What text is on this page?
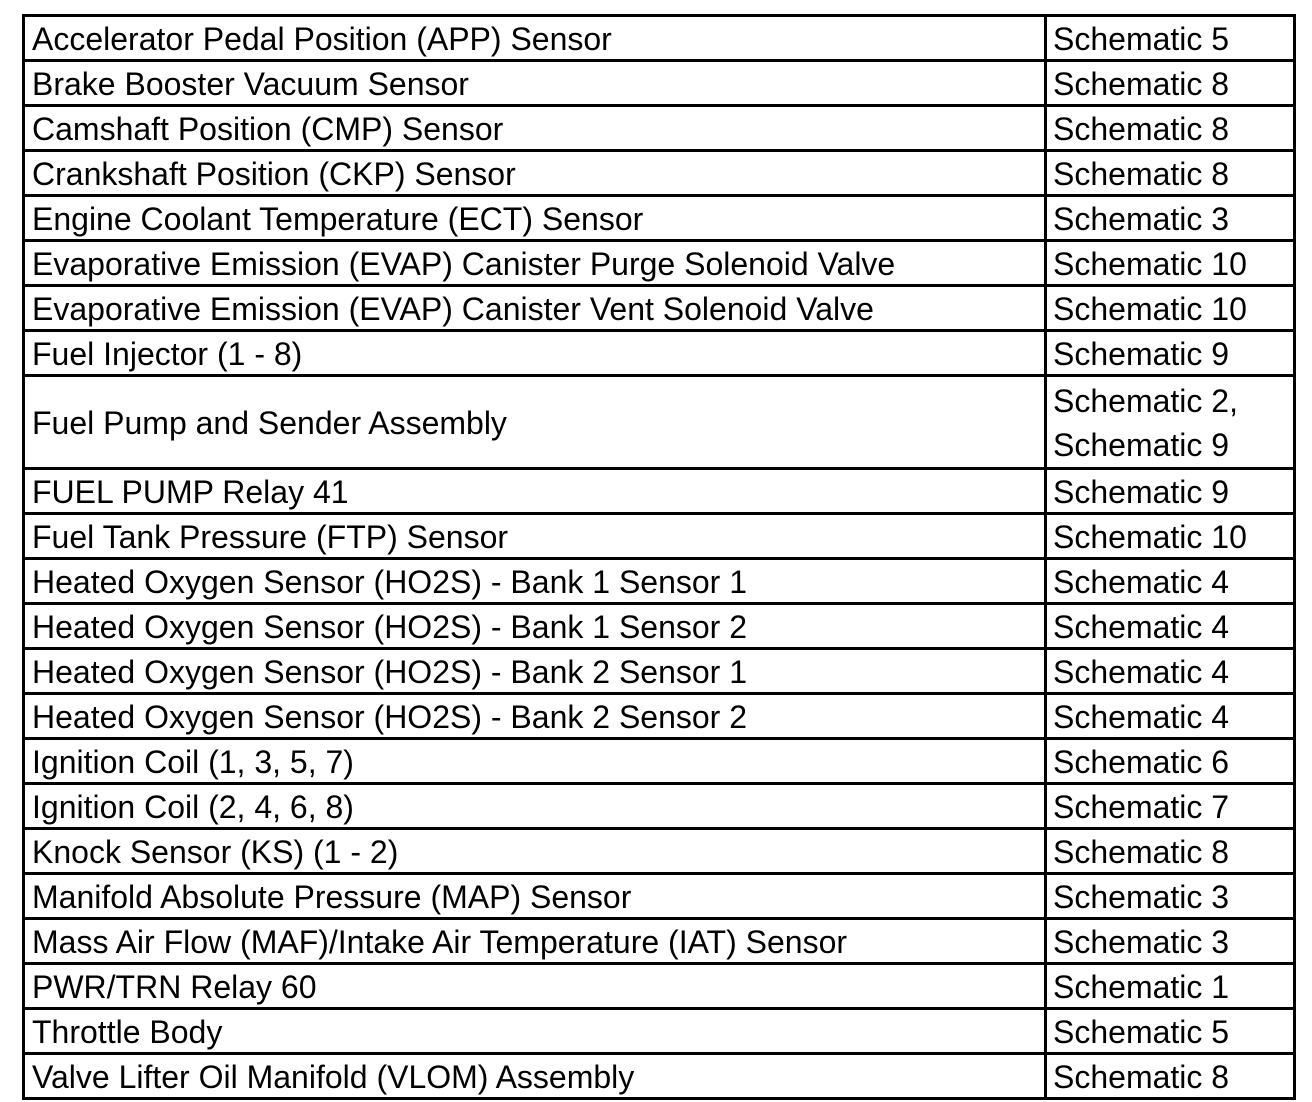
Accelerator Pedal Position (APP) Sensor	Schematic 5

Brake Booster Vacuum Sensor	Schematic 8

Camshaft Position (CMP) Sensor	Schematic 8

Crankshaft Position (CKP) Sensor	Schematic 8

Engine Coolant Temperature (ECT) Sensor	Schematic 3

Evaporative Emission (EVAP) Canister Purge Solenoid Valve	Schematic 10

Evaporative Emission (EVAP) Canister Vent Solenoid Valve	Schematic 10

Fuel Injector (1 - 8)	Schematic 9

Fuel Pump and Sender Assembly	Schematic 2,
Schematic 9

FUEL PUMP Relay 41	Schematic 9

Fuel Tank Pressure (FTP) Sensor	Schematic 10

Heated Oxygen Sensor (HO2S) - Bank 1 Sensor 1	Schematic 4

Heated Oxygen Sensor (HO2S) - Bank 1 Sensor 2	Schematic 4

Heated Oxygen Sensor (HO2S) - Bank 2 Sensor 1	Schematic 4

Heated Oxygen Sensor (HO2S) - Bank 2 Sensor 2	Schematic 4

Ignition Coil (1, 3, 5, 7)	Schematic 6

Ignition Coil (2, 4, 6, 8)	Schematic 7

Knock Sensor (KS) (1 - 2)	Schematic 8

Manifold Absolute Pressure (MAP) Sensor	Schematic 3

Mass Air Flow (MAF)/Intake Air Temperature (IAT) Sensor	Schematic 3

PWR/TRN Relay 60	Schematic 1

Throttle Body	Schematic 5

Valve Lifter Oil Manifold (VLOM) Assembly	Schematic 8
